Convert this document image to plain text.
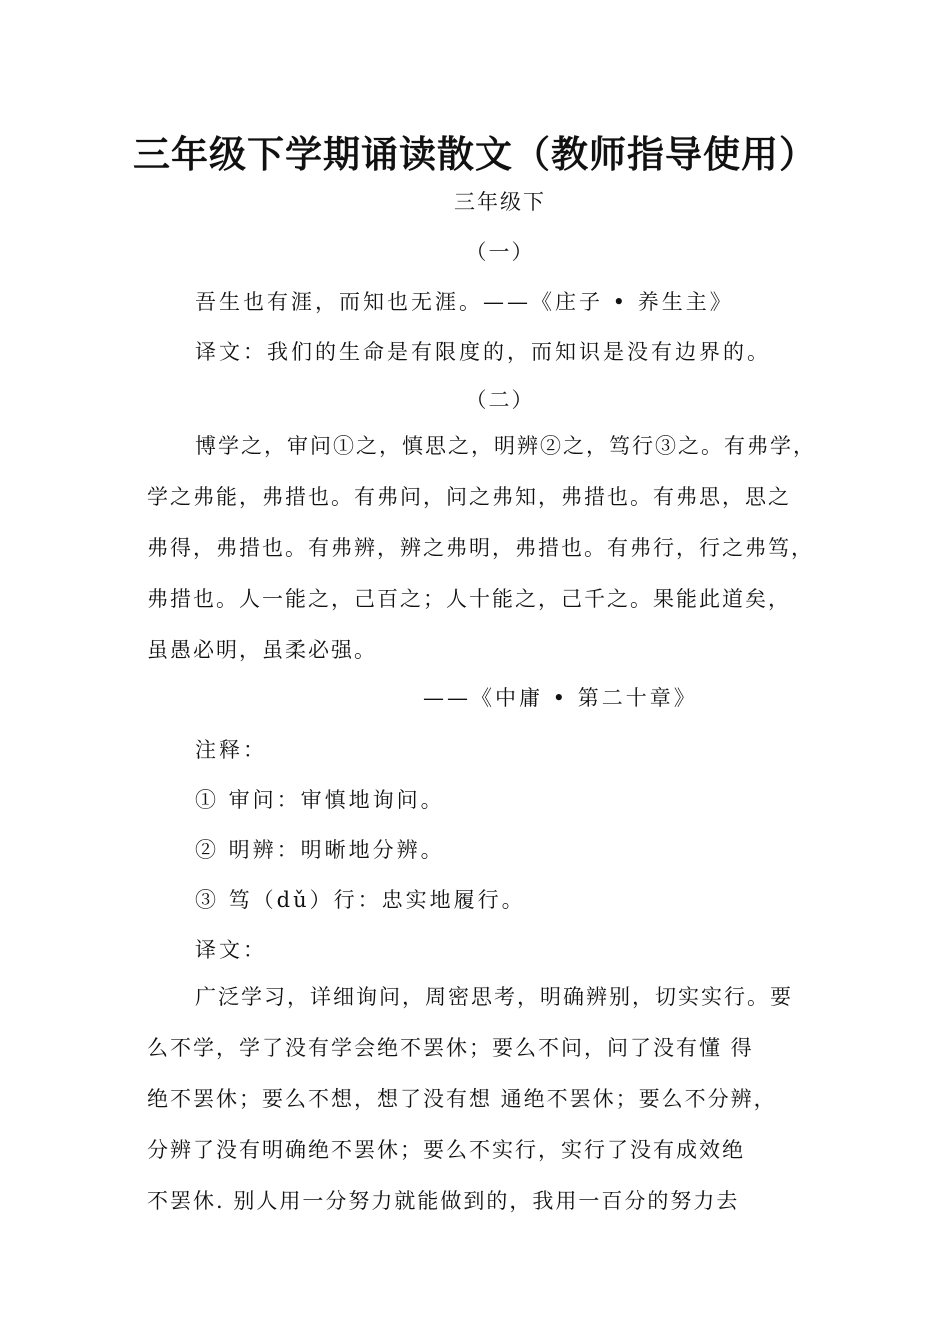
三年级下学期诵读散文（教师指导使用）
三年级下
（一）
吾生也有涯，而知也无涯。——《庄子 • 养生主》
译文：我们的生命是有限度的，而知识是没有边界的。
（二）
博学之，审问①之，慎思之，明辨②之，笃行③之。有弗学，
学之弗能，弗措也。有弗问，问之弗知，弗措也。有弗思，思之
弗得，弗措也。有弗辨，辨之弗明，弗措也。有弗行，行之弗笃，
弗措也。人一能之，己百之；人十能之，己千之。果能此道矣，
虽愚必明，虽柔必强。
——《中庸 • 第二十章》
注释：
① 审问：审慎地询问。
② 明辨：明晰地分辨。
③ 笃（dǔ）行：忠实地履行。
译文：
广泛学习，详细询问，周密思考，明确辨别，切实实行。要
么不学，学了没有学会绝不罢休；要么不问，问了没有懂 得
绝不罢休；要么不想，想了没有想 通绝不罢休；要么不分辨，
分辨了没有明确绝不罢休；要么不实行，实行了没有成效绝
不罢休. 别人用一分努力就能做到的，我用一百分的努力去
